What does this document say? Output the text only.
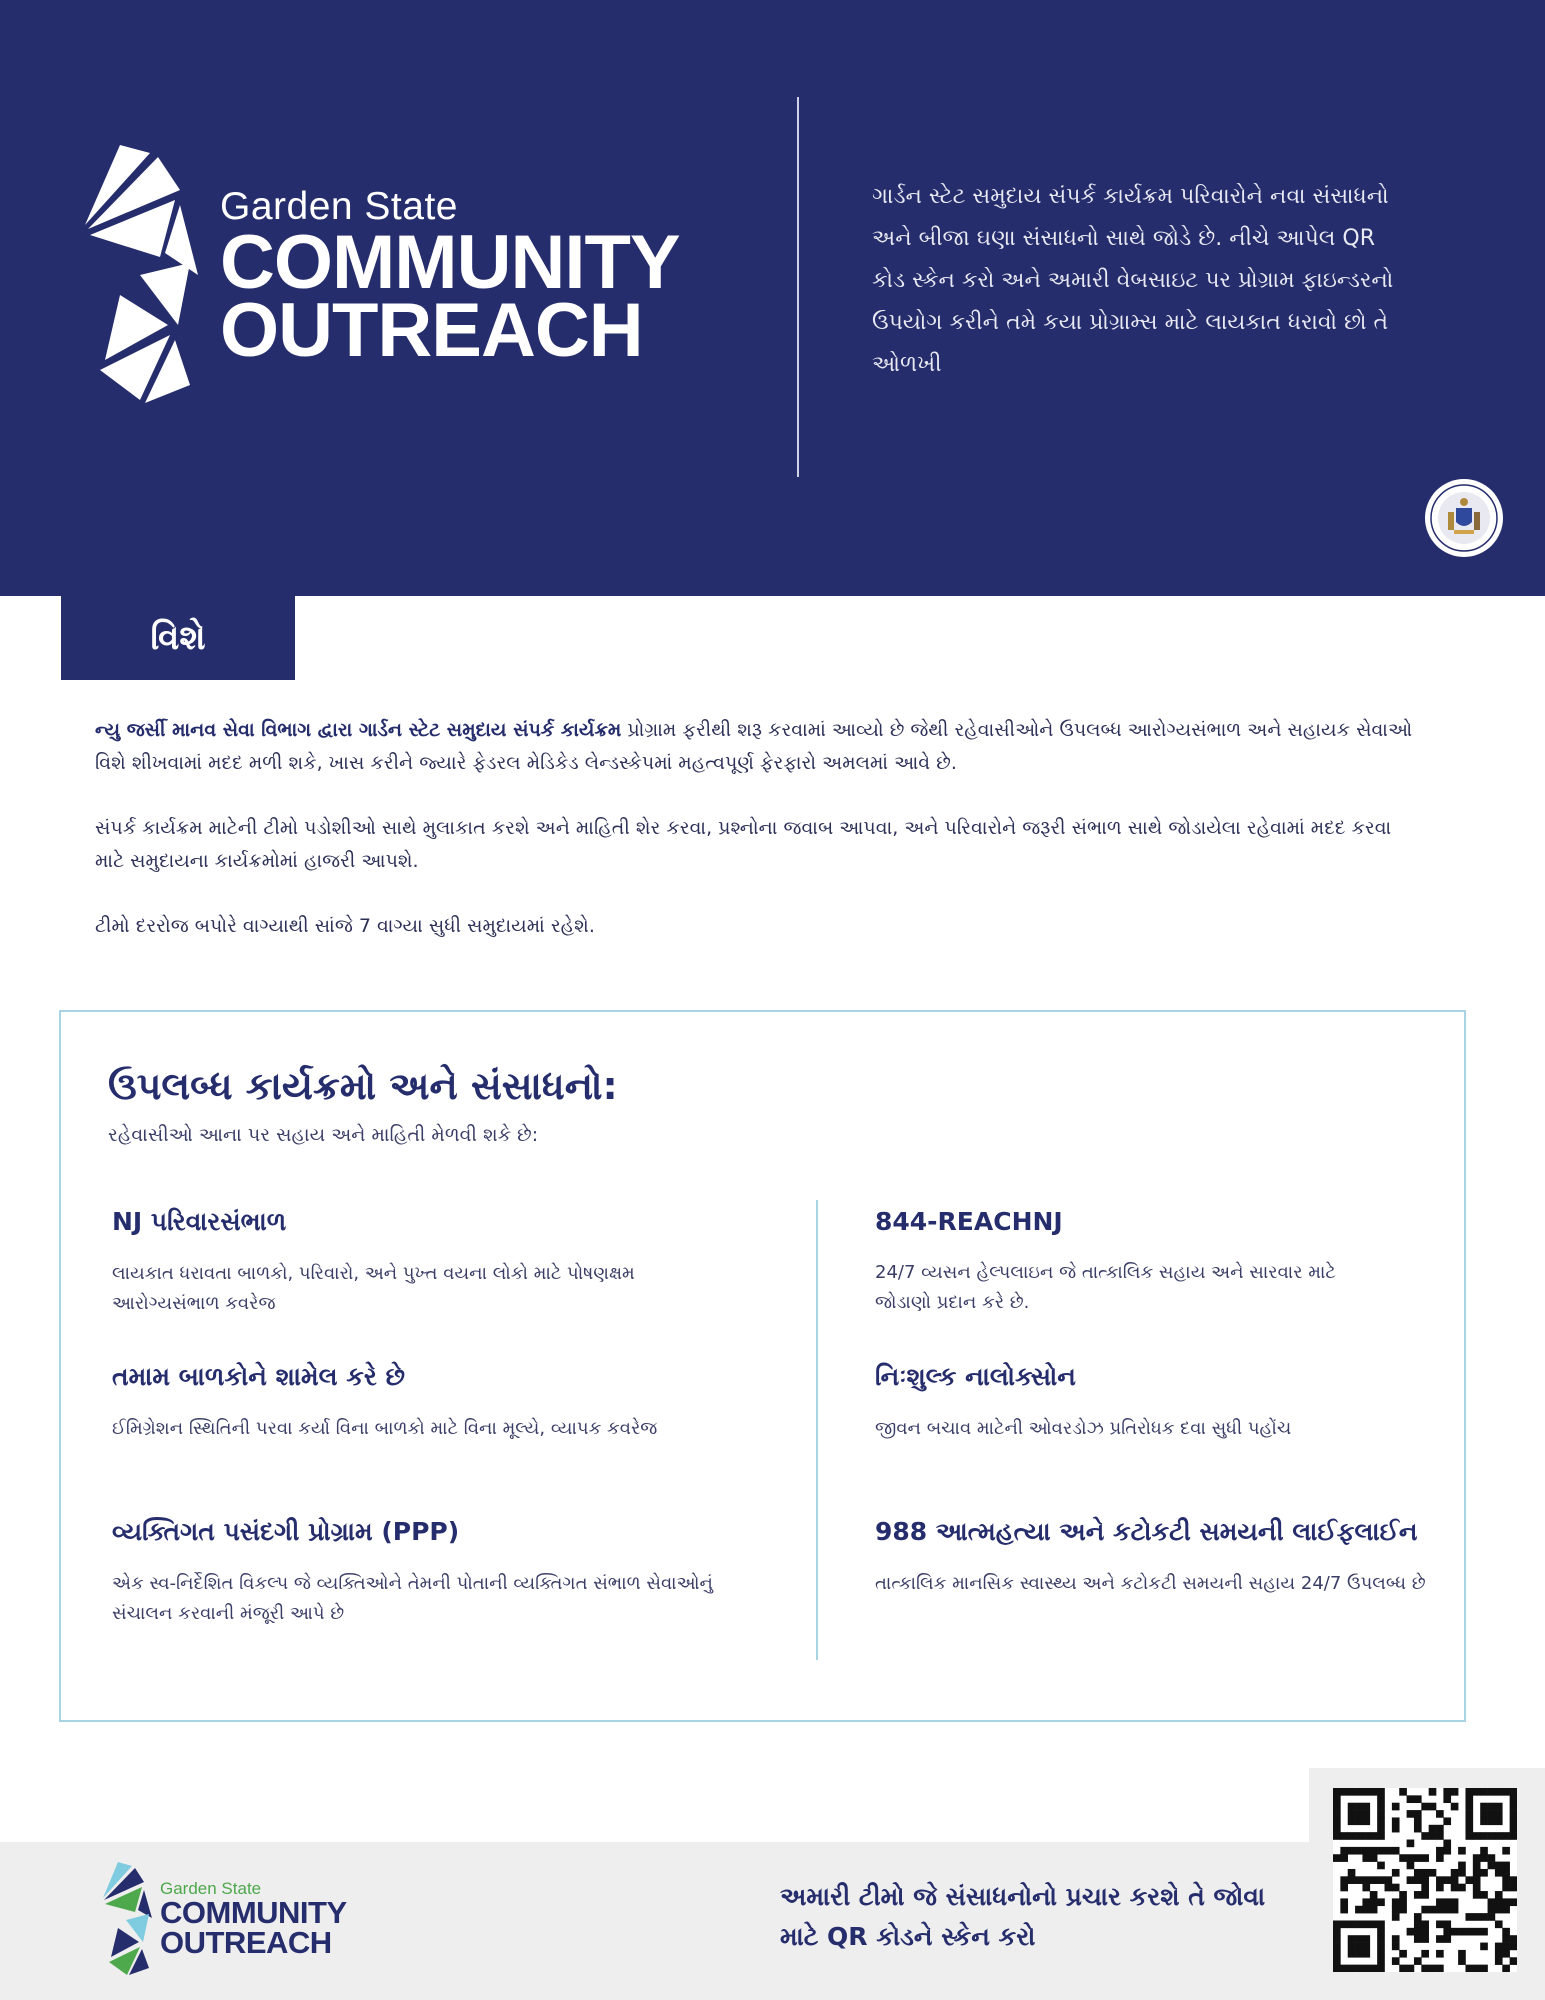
Garden State
COMMUNITY
OUTREACH
ગાર્ડન સ્ટેટ સમુદાય સંપર્ક કાર્યક્રમ પરિવારોને નવા સંસાધનો અને બીજા ઘણા સંસાધનો સાથે જોડે છે. નીચે આપેલ QR કોડ સ્કેન કરો અને અમારી વેબસાઇટ પર પ્રોગ્રામ ફાઇન્ડરનો ઉપયોગ કરીને તમે કયા પ્રોગ્રામ્સ માટે લાયકાત ધરાવો છો તે ઓળખી
વિશે

ન્યુ જર્સી માનવ સેવા વિભાગ દ્વારા ગાર્ડન સ્ટેટ સમુદાય સંપર્ક કાર્યક્રમ પ્રોગ્રામ ફરીથી શરૂ કરવામાં આવ્યો છે જેથી રહેવાસીઓને ઉપલબ્ધ આરોગ્યસંભાળ અને સહાયક સેવાઓ વિશે શીખવામાં મદદ મળી શકે, ખાસ કરીને જ્યારે ફેડરલ મેડિકેડ લેન્ડસ્કેપમાં મહત્વપૂર્ણ ફેરફારો અમલમાં આવે છે.

સંપર્ક કાર્યક્રમ માટેની ટીમો પડોશીઓ સાથે મુલાકાત કરશે અને માહિતી શેર કરવા, પ્રશ્નોના જવાબ આપવા, અને પરિવારોને જરૂરી સંભાળ સાથે જોડાયેલા રહેવામાં મદદ કરવા માટે સમુદાયના કાર્યક્રમોમાં હાજરી આપશે.

ટીમો દરરોજ બપોરે વાગ્યાથી સાંજે 7 વાગ્યા સુધી સમુદાયમાં રહેશે.

ઉપલબ્ધ કાર્યક્રમો અને સંસાધનો:
રહેવાસીઓ આના પર સહાય અને માહિતી મેળવી શકે છે:
NJ પરિવારસંભાળ
લાયકાત ધરાવતા બાળકો, પરિવારો, અને પુખ્ત વયના લોકો માટે પોષણક્ષમ આરોગ્યસંભાળ કવરેજ
તમામ બાળકોને શામેલ કરે છે
ઈમિગ્રેશન સ્થિતિની પરવા કર્યા વિના બાળકો માટે વિના મૂલ્યે, વ્યાપક કવરેજ
વ્યક્તિગત પસંદગી પ્રોગ્રામ (PPP)
એક સ્વ-નિર્દેશિત વિકલ્પ જે વ્યક્તિઓને તેમની પોતાની વ્યક્તિગત સંભાળ સેવાઓનું સંચાલન કરવાની મંજૂરી આપે છે
844-REACHNJ
24/7 વ્યસન હેલ્પલાઇન જે તાત્કાલિક સહાય અને સારવાર માટે જોડાણો પ્રદાન કરે છે.
નિઃશુલ્ક નાલોક્સોન
જીવન બચાવ માટેની ઓવરડોઝ પ્રતિરોધક દવા સુધી પહોંચ
988 આત્મહત્યા અને કટોકટી સમયની લાઈફલાઈન
તાત્કાલિક માનસિક સ્વાસ્થ્ય અને કટોકટી સમયની સહાય 24/7 ઉપલબ્ધ છે
Garden State
COMMUNITY
OUTREACH
અમારી ટીમો જે સંસાધનોનો પ્રચાર કરશે તે જોવા માટે QR કોડને સ્કેન કરો
